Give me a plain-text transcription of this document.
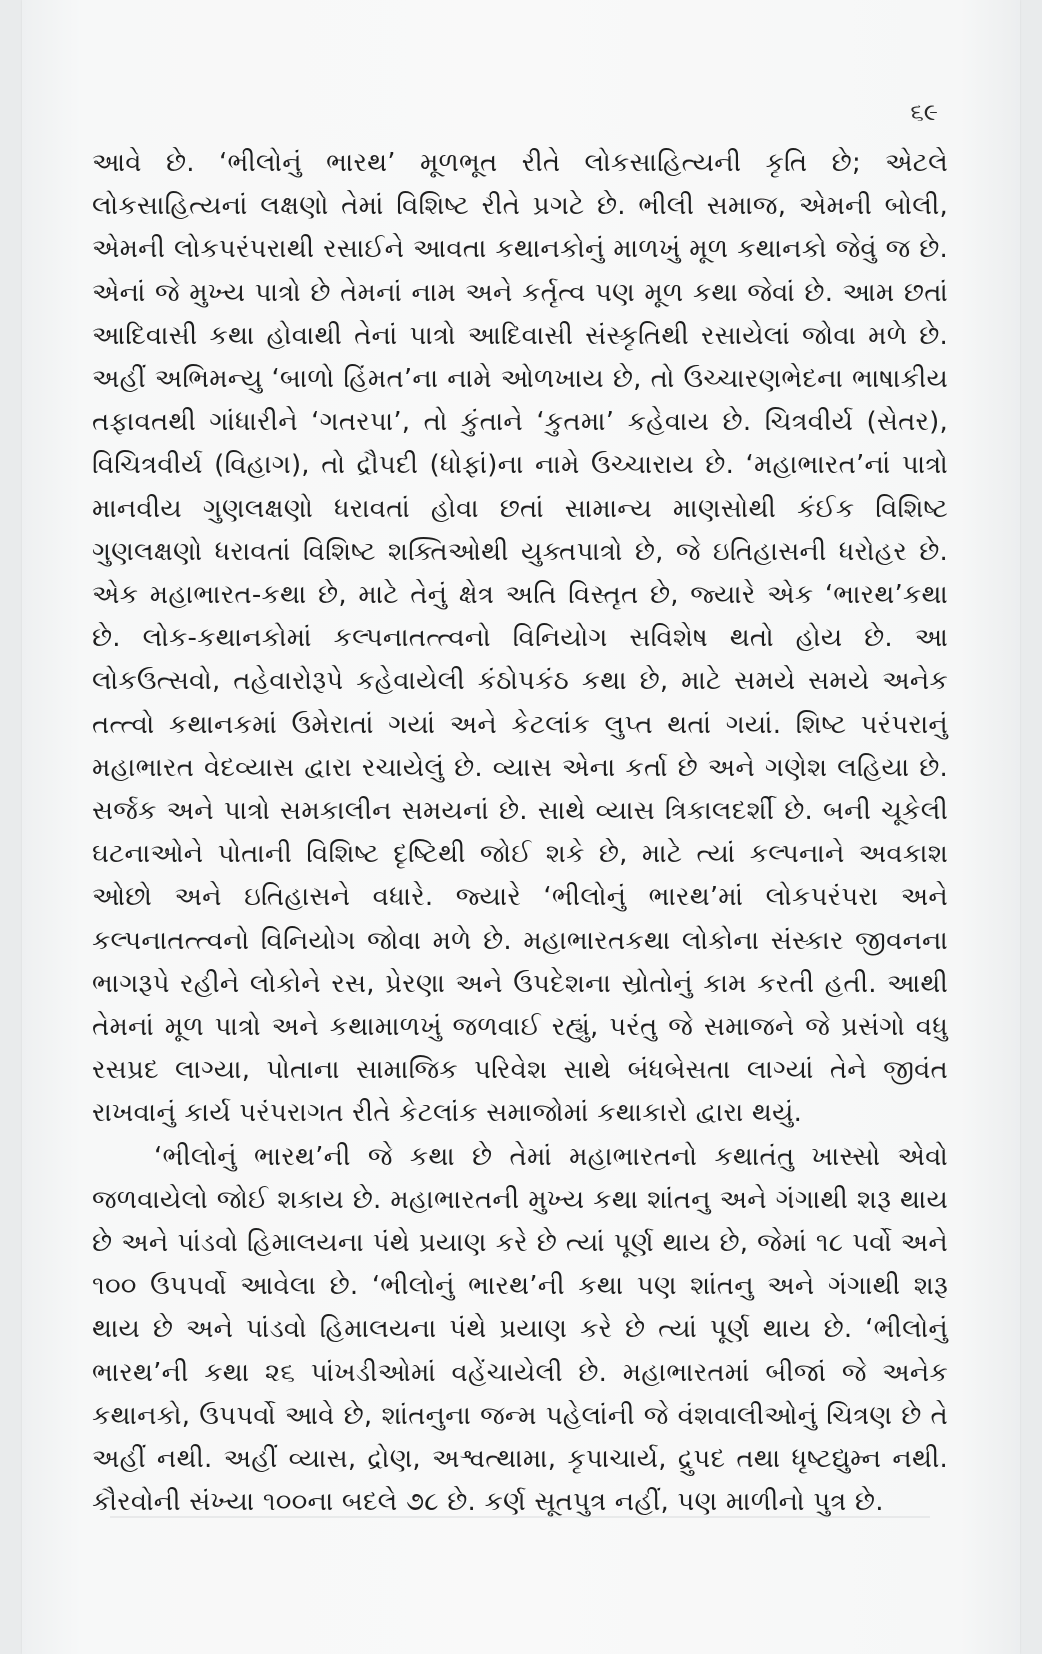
૬૯

આવે છે. ‘ભીલોનું ભારથ’ મૂળભૂત રીતે લોકસાહિત્યની કૃતિ છે; એટલે લોકસાહિત્યનાં લક્ષણો તેમાં વિશિષ્ટ રીતે પ્રગટે છે. ભીલી સમાજ, એમની બોલી, એમની લોકપરંપરાથી રસાઈને આવતા કથાનકોનું માળખું મૂળ કથાનકો જેવું જ છે. એનાં જે મુખ્ય પાત્રો છે તેમનાં નામ અને કર્તૃત્વ પણ મૂળ કથા જેવાં છે. આમ છતાં આદિવાસી કથા હોવાથી તેનાં પાત્રો આદિવાસી સંસ્કૃતિથી રસાયેલાં જોવા મળે છે. અહીં અભિમન્યુ ‘બાળો હિંમત’ના નામે ઓળખાય છે, તો ઉચ્ચારણભેદના ભાષાકીય તફાવતથી ગાંધારીને ‘ગતરપા’, તો કુંતાને ‘કુતમા’ કહેવાય છે. ચિત્રવીર્ય (સેતર), વિચિત્રવીર્ય (વિહાગ), તો દ્રૌપદી (ધોફાં)ના નામે ઉચ્ચારાય છે. ‘મહાભારત’નાં પાત્રો માનવીય ગુણલક્ષણો ધરાવતાં હોવા છતાં સામાન્ય માણસોથી કંઈક વિશિષ્ટ ગુણલક્ષણો ધરાવતાં વિશિષ્ટ શક્તિઓથી યુક્તપાત્રો છે, જે ઇતિહાસની ધરોહર છે. એક મહાભારત-કથા છે, માટે તેનું ક્ષેત્ર અતિ વિસ્તૃત છે, જ્યારે એક ‘ભારથ’કથા છે. લોક-કથાનકોમાં કલ્પનાતત્ત્વનો વિનિયોગ સવિશેષ થતો હોય છે. આ લોકઉત્સવો, તહેવારોરૂપે કહેવાયેલી કંઠોપકંઠ કથા છે, માટે સમયે સમયે અનેક તત્ત્વો કથાનકમાં ઉમેરાતાં ગયાં અને કેટલાંક લુપ્ત થતાં ગયાં. શિષ્ટ પરંપરાનું મહાભારત વેદવ્યાસ દ્વારા રચાયેલું છે. વ્યાસ એના કર્તા છે અને ગણેશ લહિયા છે. સર્જક અને પાત્રો સમકાલીન સમયનાં છે. સાથે વ્યાસ ત્રિકાલદર્શી છે. બની ચૂકેલી ઘટનાઓને પોતાની વિશિષ્ટ દૃષ્ટિથી જોઈ શકે છે, માટે ત્યાં કલ્પનાને અવકાશ ઓછો અને ઇતિહાસને વધારે. જ્યારે ‘ભીલોનું ભારથ’માં લોકપરંપરા અને કલ્પનાતત્ત્વનો વિનિયોગ જોવા મળે છે. મહાભારતકથા લોકોના સંસ્કાર જીવનના ભાગરૂપે રહીને લોકોને રસ, પ્રેરણા અને ઉપદેશના સ્રોતોનું કામ કરતી હતી. આથી તેમનાં મૂળ પાત્રો અને કથામાળખું જળવાઈ રહ્યું, પરંતુ જે સમાજને જે પ્રસંગો વધુ રસપ્રદ લાગ્યા, પોતાના સામાજિક પરિવેશ સાથે બંધબેસતા લાગ્યાં તેને જીવંત રાખવાનું કાર્ય પરંપરાગત રીતે કેટલાંક સમાજોમાં કથાકારો દ્વારા થયું.

‘ભીલોનું ભારથ’ની જે કથા છે તેમાં મહાભારતનો કથાતંતુ ખાસ્સો એવો જળવાયેલો જોઈ શકાય છે. મહાભારતની મુખ્ય કથા શાંતનુ અને ગંગાથી શરૂ થાય છે અને પાંડવો હિમાલયના પંથે પ્રયાણ કરે છે ત્યાં પૂર્ણ થાય છે, જેમાં ૧૮ પર્વો અને ૧૦૦ ઉપપર્વો આવેલા છે. ‘ભીલોનું ભારથ’ની કથા પણ શાંતનુ અને ગંગાથી શરૂ થાય છે અને પાંડવો હિમાલયના પંથે પ્રયાણ કરે છે ત્યાં પૂર્ણ થાય છે. ‘ભીલોનું ભારથ’ની કથા ૨૬ પાંખડીઓમાં વહેંચાયેલી છે. મહાભારતમાં બીજાં જે અનેક કથાનકો, ઉપપર્વો આવે છે, શાંતનુના જન્મ પહેલાંની જે વંશવાલીઓનું ચિત્રણ છે તે અહીં નથી. અહીં વ્યાસ, દ્રોણ, અશ્વત્થામા, કૃપાચાર્ય, દ્રુપદ તથા ધૃષ્ટદ્યુમ્ન નથી. કૌરવોની સંખ્યા ૧૦૦ના બદલે ૭૮ છે. કર્ણ સૂતપુત્ર નહીં, પણ માળીનો પુત્ર છે.
